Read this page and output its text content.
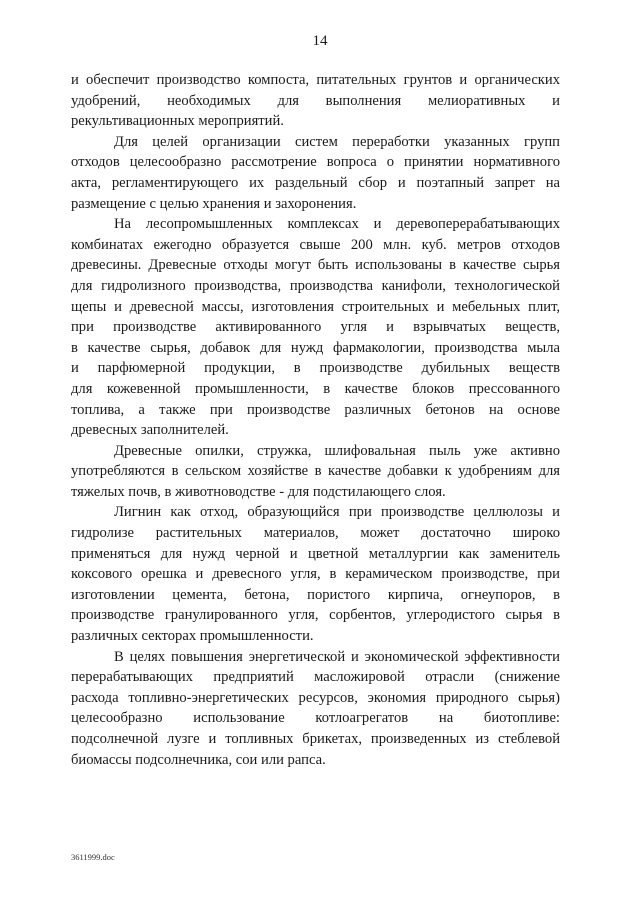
14
и обеспечит производство компоста, питательных грунтов и органических
удобрений, необходимых для выполнения мелиоративных и
рекультивационных мероприятий.
Для целей организации систем переработки указанных групп
отходов целесообразно рассмотрение вопроса о принятии нормативного
акта, регламентирующего их раздельный сбор и поэтапный запрет на
размещение с целью хранения и захоронения.
На лесопромышленных комплексах и деревоперерабатывающих
комбинатах ежегодно образуется свыше 200 млн. куб. метров отходов
древесины. Древесные отходы могут быть использованы в качестве сырья
для гидролизного производства, производства канифоли, технологической
щепы и древесной массы, изготовления строительных и мебельных плит,
при производстве активированного угля и взрывчатых веществ,
в качестве сырья, добавок для нужд фармакологии, производства мыла
и парфюмерной продукции, в производстве дубильных веществ
для кожевенной промышленности, в качестве блоков прессованного
топлива, а также при производстве различных бетонов на основе
древесных заполнителей.
Древесные опилки, стружка, шлифовальная пыль уже активно
употребляются в сельском хозяйстве в качестве добавки к удобрениям для
тяжелых почв, в животноводстве - для подстилающего слоя.
Лигнин как отход, образующийся при производстве целлюлозы и
гидролизе растительных материалов, может достаточно широко
применяться для нужд черной и цветной металлургии как заменитель
коксового орешка и древесного угля, в керамическом производстве, при
изготовлении цемента, бетона, пористого кирпича, огнеупоров, в
производстве гранулированного угля, сорбентов, углеродистого сырья в
различных секторах промышленности.
В целях повышения энергетической и экономической эффективности
перерабатывающих предприятий масложировой отрасли (снижение
расхода топливно-энергетических ресурсов, экономия природного сырья)
целесообразно использование котлоагрегатов на биотопливе:
подсолнечной лузге и топливных брикетах, произведенных из стеблевой
биомассы подсолнечника, сои или рапса.
3611999.doc
